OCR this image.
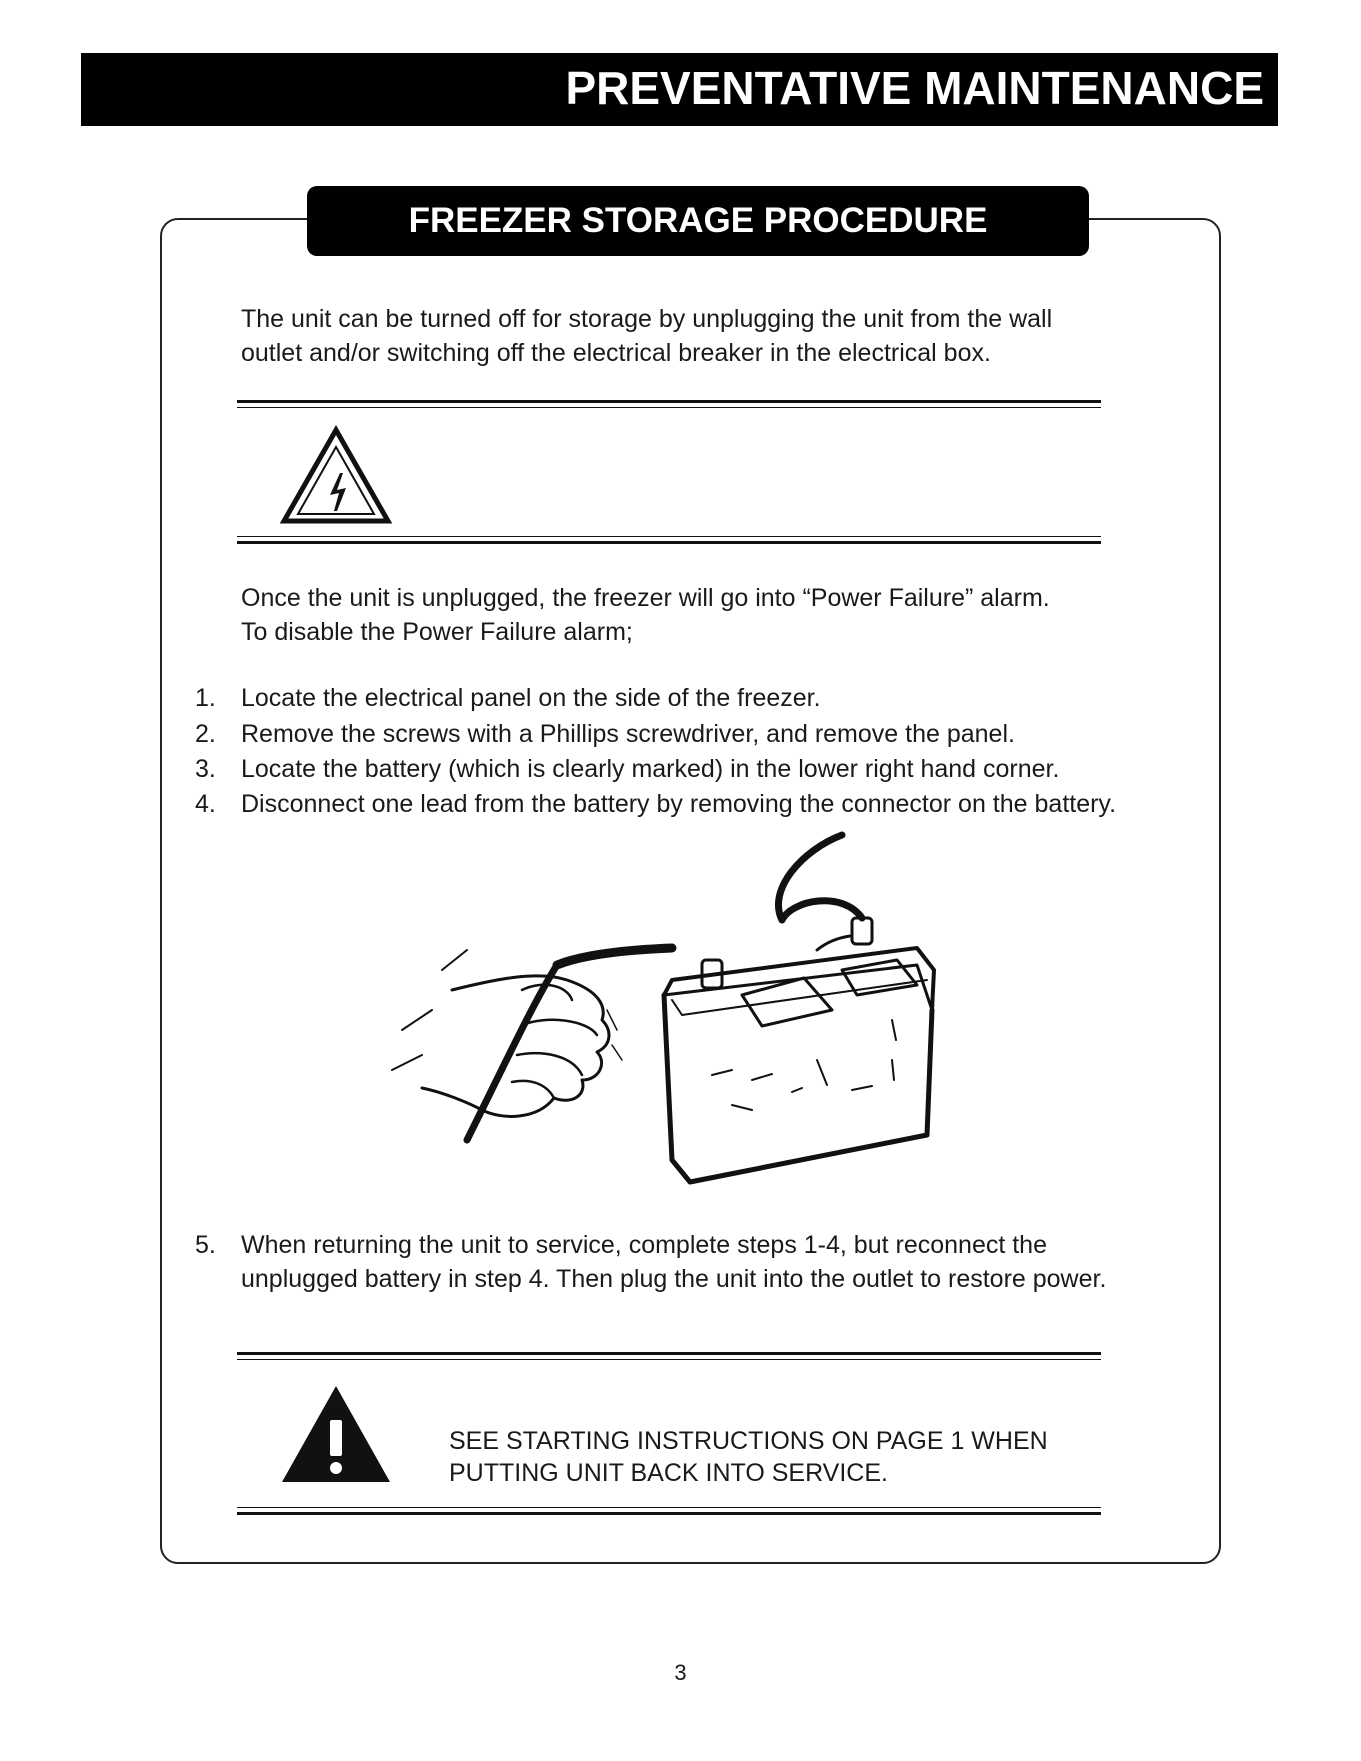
PREVENTATIVE MAINTENANCE
FREEZER STORAGE PROCEDURE

The unit can be turned off for storage by unplugging the unit from the wall
outlet and/or switching off the electrical breaker in the electrical box.

Once the unit is unplugged, the freezer will go into “Power Failure” alarm.
To disable the Power Failure alarm;

1. Locate the electrical panel on the side of the freezer.
2. Remove the screws with a Phillips screwdriver, and remove the panel.
3. Locate the battery (which is clearly marked) in the lower right hand corner.
4. Disconnect one lead from the battery by removing the connector on the battery.
5. When returning the unit to service, complete steps 1-4, but reconnect the
unplugged battery in step 4. Then plug the unit into the outlet to restore power.
SEE STARTING INSTRUCTIONS ON PAGE 1 WHEN
PUTTING UNIT BACK INTO SERVICE.
3
